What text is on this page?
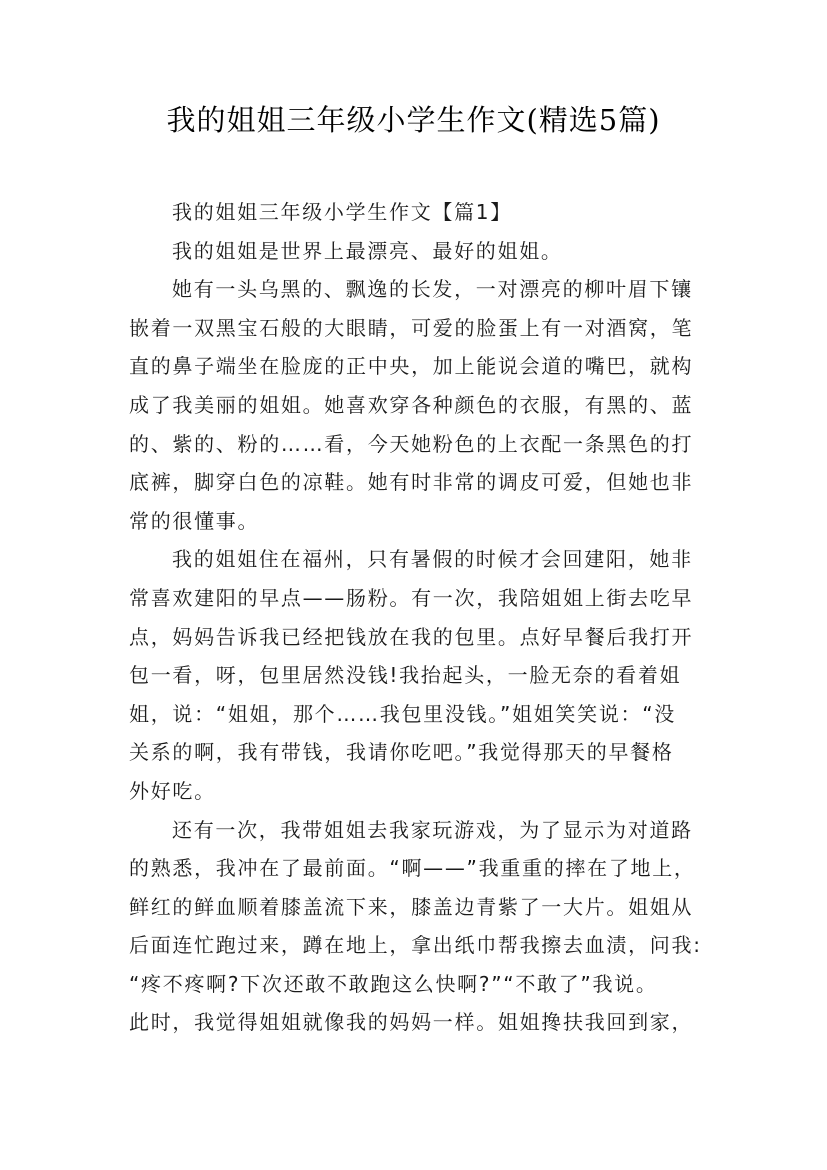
我的姐姐三年级小学生作文(精选5篇)
我的姐姐三年级小学生作文【篇1】
我的姐姐是世界上最漂亮、最好的姐姐。
她有一头乌黑的、飘逸的长发，一对漂亮的柳叶眉下镶
嵌着一双黑宝石般的大眼睛，可爱的脸蛋上有一对酒窝，笔
直的鼻子端坐在脸庞的正中央，加上能说会道的嘴巴，就构
成了我美丽的姐姐。她喜欢穿各种颜色的衣服，有黑的、蓝
的、紫的、粉的……看，今天她粉色的上衣配一条黑色的打
底裤，脚穿白色的凉鞋。她有时非常的调皮可爱，但她也非
常的很懂事。
我的姐姐住在福州，只有暑假的时候才会回建阳，她非
常喜欢建阳的早点——肠粉。有一次，我陪姐姐上街去吃早
点，妈妈告诉我已经把钱放在我的包里。点好早餐后我打开
包一看，呀，包里居然没钱!我抬起头，一脸无奈的看着姐
姐，说：“姐姐，那个……我包里没钱。”姐姐笑笑说：“没
关系的啊，我有带钱，我请你吃吧。”我觉得那天的早餐格
外好吃。
还有一次，我带姐姐去我家玩游戏，为了显示为对道路
的熟悉，我冲在了最前面。“啊——”我重重的摔在了地上，
鲜红的鲜血顺着膝盖流下来，膝盖边青紫了一大片。姐姐从
后面连忙跑过来，蹲在地上，拿出纸巾帮我擦去血渍，问我:
“疼不疼啊?下次还敢不敢跑这么快啊?”“不敢了”我说。
此时，我觉得姐姐就像我的妈妈一样。姐姐搀扶我回到家，
